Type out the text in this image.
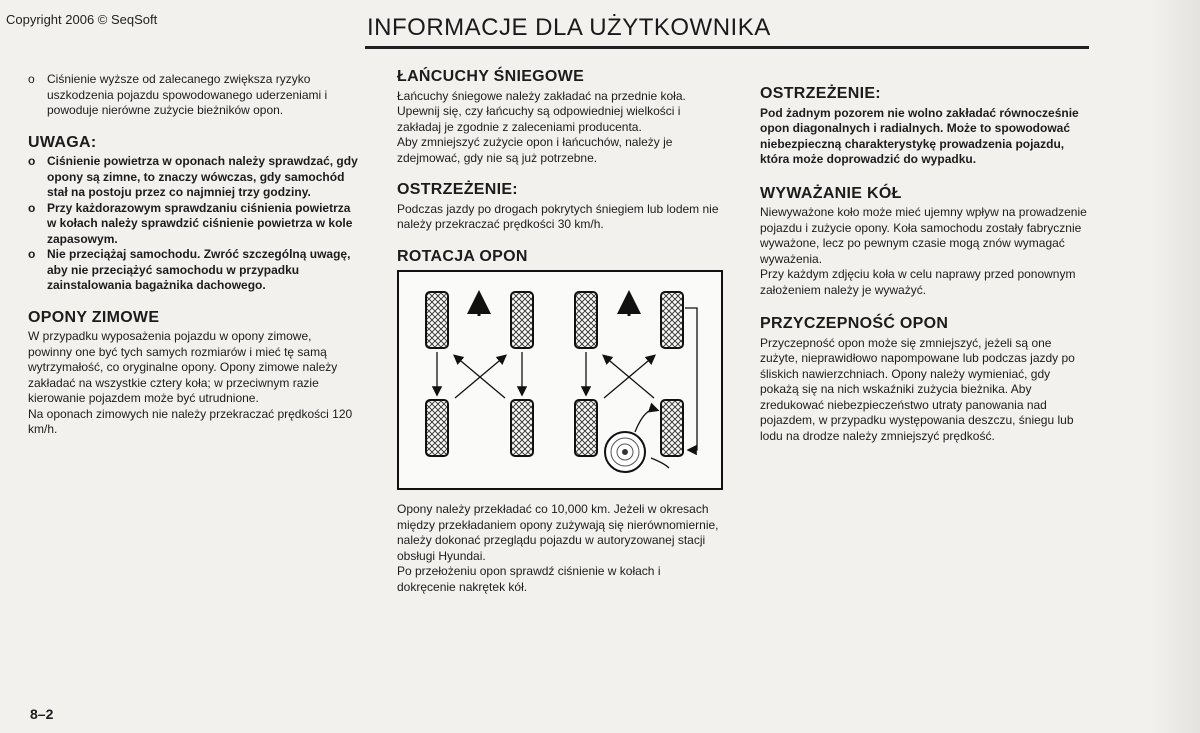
Copyright 2006 © SeqSoft	INFORMACJE DLA UŻYTKOWNIKA
o Ciśnienie wyższe od zalecanego zwiększa ryzyko uszkodzenia pojazdu spowodowanego uderzeniami i powoduje nierówne zużycie bieżników opon.
UWAGA:
o Ciśnienie powietrza w oponach należy sprawdzać, gdy opony są zimne, to znaczy wówczas, gdy samochód stał na postoju przez co najmniej trzy godziny.
o Przy każdorazowym sprawdzaniu ciśnienia powietrza w kołach należy sprawdzić ciśnienie powietrza w kole zapasowym.
o Nie przeciążaj samochodu. Zwróć szczególną uwagę, aby nie przeciążyć samochodu w przypadku zainstalowania bagażnika dachowego.
OPONY ZIMOWE

W przypadku wyposażenia pojazdu w opony zimowe, powinny one być tych samych rozmiarów i mieć tę samą wytrzymałość, co oryginalne opony. Opony zimowe należy zakładać na wszystkie cztery koła; w przeciwnym razie kierowanie pojazdem może być utrudnione.

Na oponach zimowych nie należy przekraczać prędkości 120 km/h.

ŁAŃCUCHY ŚNIEGOWE

Łańcuchy śniegowe należy zakładać na przednie koła. Upewnij się, czy łańcuchy są odpowiedniej wielkości i zakładaj je zgodnie z zaleceniami producenta.

Aby zmniejszyć zużycie opon i łańcuchów, należy je zdejmować, gdy nie są już potrzebne.

OSTRZEŻENIE:

Podczas jazdy po drogach pokrytych śniegiem lub lodem nie należy przekraczać prędkości 30 km/h.

ROTACJA OPON

Opony należy przekładać co 10,000 km. Jeżeli w okresach między przekładaniem opony zużywają się nierównomiernie, należy dokonać przeglądu pojazdu w autoryzowanej stacji obsługi Hyundai.

Po przełożeniu opon sprawdź ciśnienie w kołach i dokręcenie nakrętek kół.

OSTRZEŻENIE:

Pod żadnym pozorem nie wolno zakładać równocześnie opon diagonalnych i radialnych. Może to spowodować niebezpieczną charakterystykę prowadzenia pojazdu, która może doprowadzić do wypadku.

WYWAŻANIE KÓŁ

Niewyważone koło może mieć ujemny wpływ na prowadzenie pojazdu i zużycie opony. Koła samochodu zostały fabrycznie wyważone, lecz po pewnym czasie mogą znów wymagać wyważenia.

Przy każdym zdjęciu koła w celu naprawy przed ponownym założeniem należy je wyważyć.

PRZYCZEPNOŚĆ OPON

Przyczepność opon może się zmniejszyć, jeżeli są one zużyte, nieprawidłowo napompowane lub podczas jazdy po śliskich nawierzchniach. Opony należy wymieniać, gdy pokażą się na nich wskaźniki zużycia bieżnika. Aby zredukować niebezpieczeństwo utraty panowania nad pojazdem, w przypadku występowania deszczu, śniegu lub lodu na drodze należy zmniejszyć prędkość.

8–2
